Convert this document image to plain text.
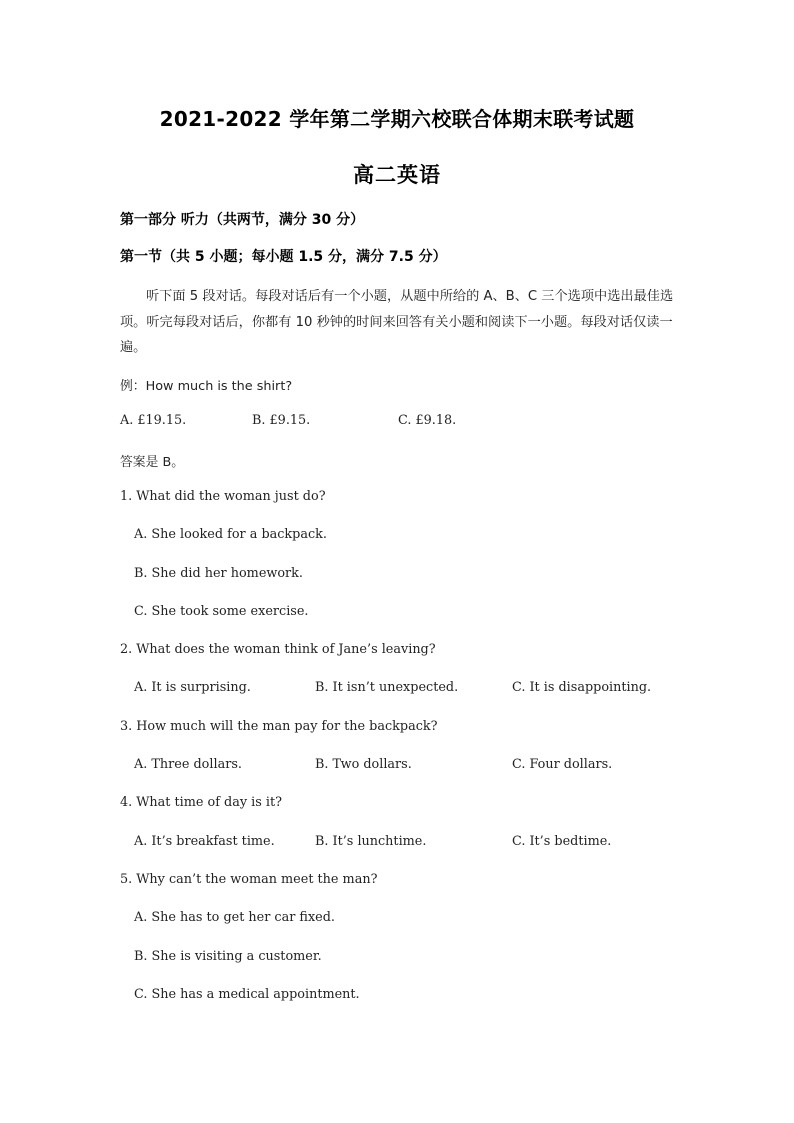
2021-2022 学年第二学期六校联合体期末联考试题
高二英语
第一部分 听力（共两节，满分 30 分）
第一节（共 5 小题；每小题 1.5 分，满分 7.5 分）
听下面 5 段对话。每段对话后有一个小题，从题中所给的 A、B、C 三个选项中选出最佳选项。听完每段对话后，你都有 10 秒钟的时间来回答有关小题和阅读下一小题。每段对话仅读一遍。
例：How much is the shirt?
A. £19.15.	B. £9.15.	C. £9.18.
答案是 B。
1. What did the woman just do?
A. She looked for a backpack.
B. She did her homework.
C. She took some exercise.
2. What does the woman think of Jane’s leaving?
A. It is surprising.	B. It isn’t unexpected.	C. It is disappointing.
3. How much will the man pay for the backpack?
A. Three dollars.	B. Two dollars.	C. Four dollars.
4. What time of day is it?
A. It’s breakfast time.	B. It’s lunchtime.	C. It’s bedtime.
5. Why can’t the woman meet the man?
A. She has to get her car fixed.
B. She is visiting a customer.
C. She has a medical appointment.
